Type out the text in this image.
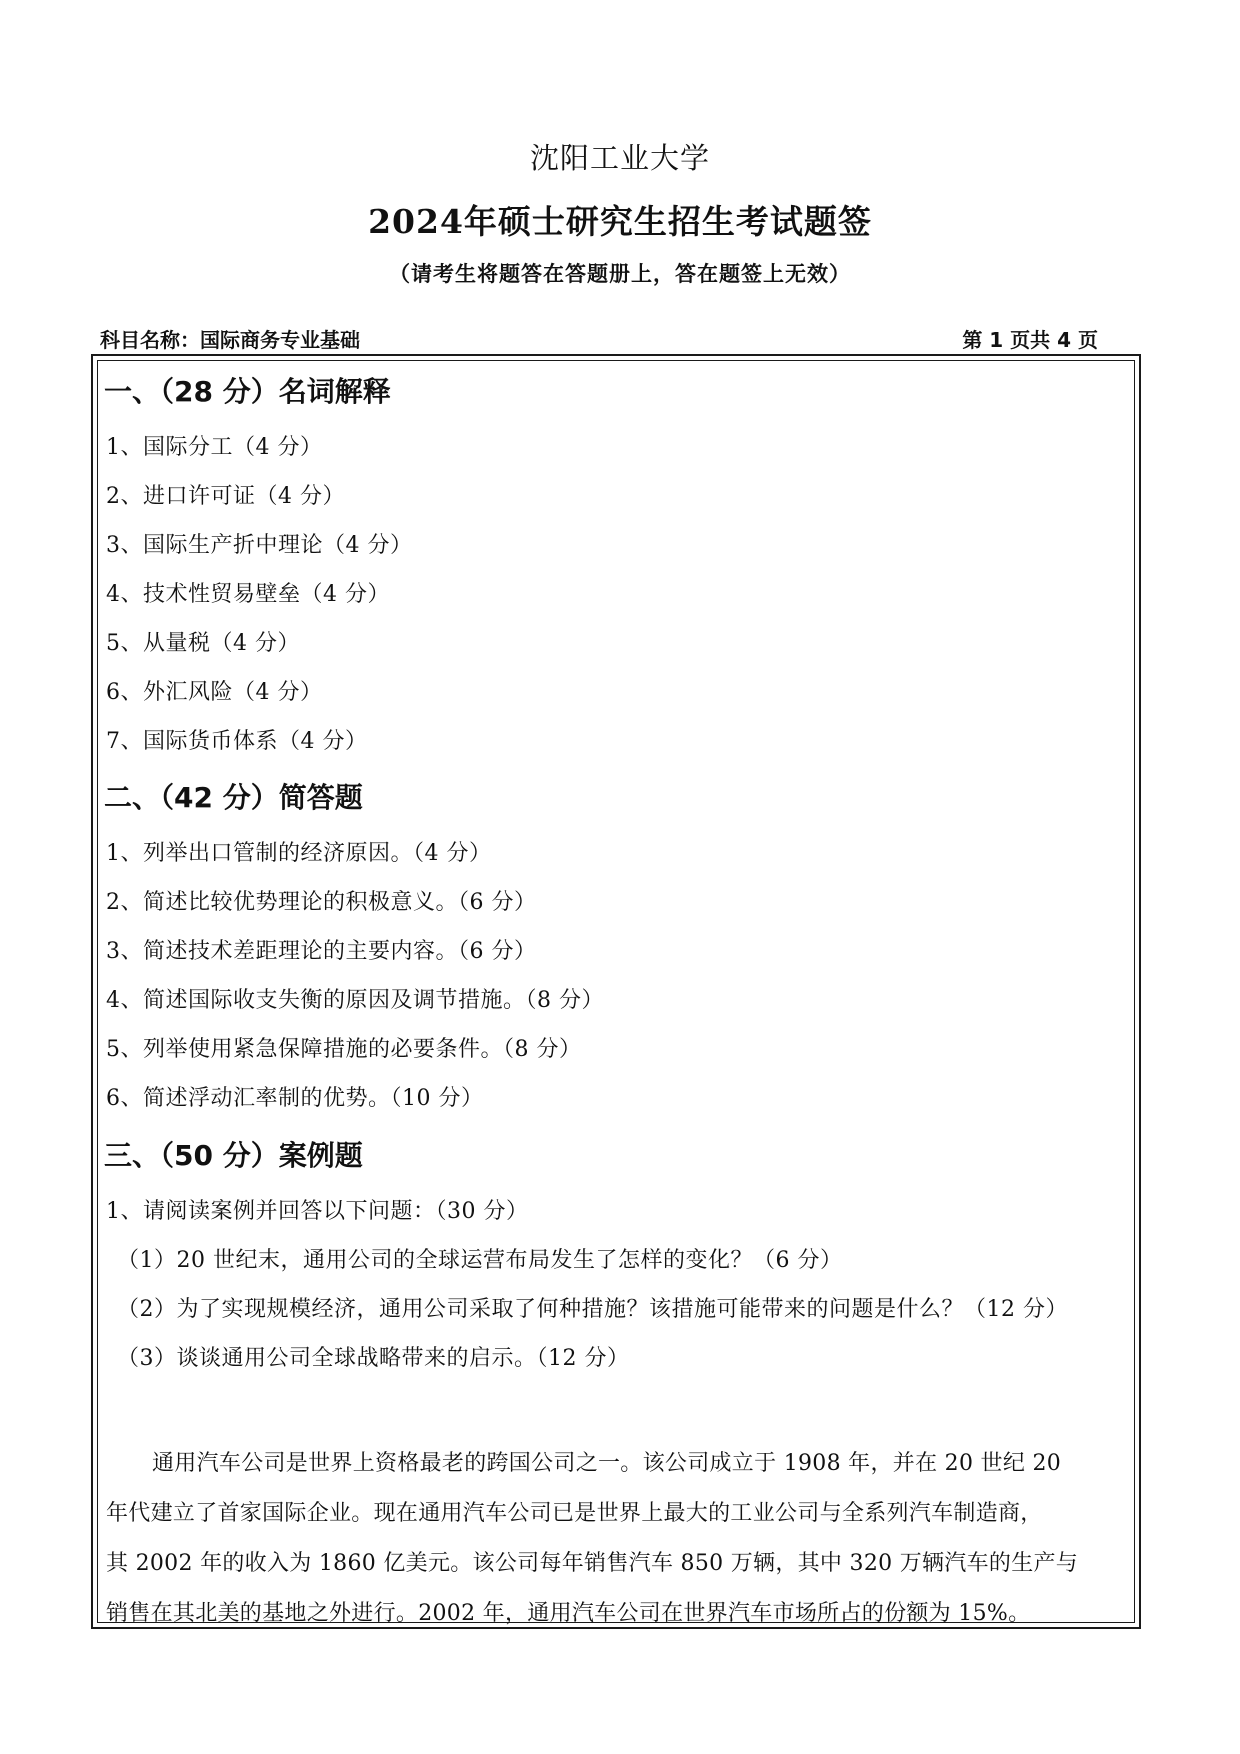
沈阳工业大学
2024年硕士研究生招生考试题签
（请考生将题答在答题册上，答在题签上无效）
科目名称：国际商务专业基础	第 1 页共 4 页
一、（28 分）名词解释
1、国际分工（4 分）
2、进口许可证（4 分）
3、国际生产折中理论（4 分）
4、技术性贸易壁垒（4 分）
5、从量税（4 分）
6、外汇风险（4 分）
7、国际货币体系（4 分）
二、（42 分）简答题
1、列举出口管制的经济原因。（4 分）
2、简述比较优势理论的积极意义。（6 分）
3、简述技术差距理论的主要内容。（6 分）
4、简述国际收支失衡的原因及调节措施。（8 分）
5、列举使用紧急保障措施的必要条件。（8 分）
6、简述浮动汇率制的优势。（10 分）
三、（50 分）案例题
1、请阅读案例并回答以下问题：（30 分）
（1）20 世纪末，通用公司的全球运营布局发生了怎样的变化？（6 分）
（2）为了实现规模经济，通用公司采取了何种措施？该措施可能带来的问题是什么？（12 分）
（3）谈谈通用公司全球战略带来的启示。（12 分）
通用汽车公司是世界上资格最老的跨国公司之一。该公司成立于 1908 年，并在 20 世纪 20
年代建立了首家国际企业。现在通用汽车公司已是世界上最大的工业公司与全系列汽车制造商，
其 2002 年的收入为 1860 亿美元。该公司每年销售汽车 850 万辆，其中 320 万辆汽车的生产与
销售在其北美的基地之外进行。2002 年，通用汽车公司在世界汽车市场所占的份额为 15%。
